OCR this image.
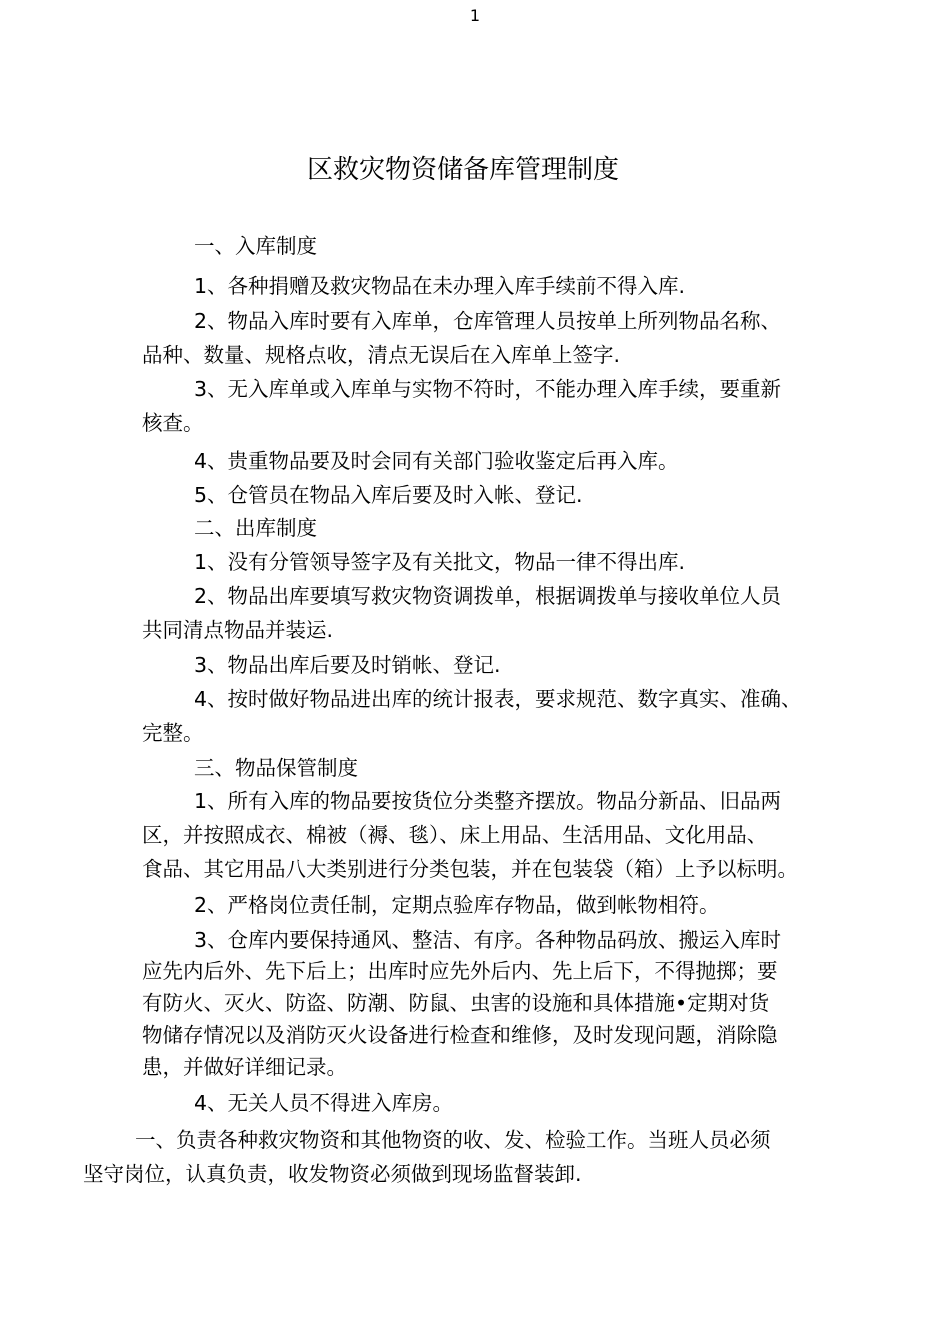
1
区救灾物资储备库管理制度
一、入库制度
1、各种捐赠及救灾物品在未办理入库手续前不得入库.
2、物品入库时要有入库单，仓库管理人员按单上所列物品名称、
品种、数量、规格点收，清点无误后在入库单上签字.
3、无入库单或入库单与实物不符时，不能办理入库手续，要重新
核查。
4、贵重物品要及时会同有关部门验收鉴定后再入库。
5、仓管员在物品入库后要及时入帐、登记.
二、出库制度
1、没有分管领导签字及有关批文，物品一律不得出库.
2、物品出库要填写救灾物资调拨单，根据调拨单与接收单位人员
共同清点物品并装运.
3、物品出库后要及时销帐、登记.
4、按时做好物品进出库的统计报表，要求规范、数字真实、准确、
完整。
三、物品保管制度
1、所有入库的物品要按货位分类整齐摆放。物品分新品、旧品两
区，并按照成衣、棉被（褥、毯）、床上用品、生活用品、文化用品、
食品、其它用品八大类别进行分类包装，并在包装袋（箱）上予以标明。
2、严格岗位责任制，定期点验库存物品，做到帐物相符。
3、仓库内要保持通风、整洁、有序。各种物品码放、搬运入库时
应先内后外、先下后上；出库时应先外后内、先上后下，不得抛掷；要
有防火、灭火、防盗、防潮、防鼠、虫害的设施和具体措施•定期对货
物储存情况以及消防灭火设备进行检查和维修，及时发现问题，消除隐
患，并做好详细记录。
4、无关人员不得进入库房。
一、负责各种救灾物资和其他物资的收、发、检验工作。当班人员必须
坚守岗位，认真负责，收发物资必须做到现场监督装卸.
